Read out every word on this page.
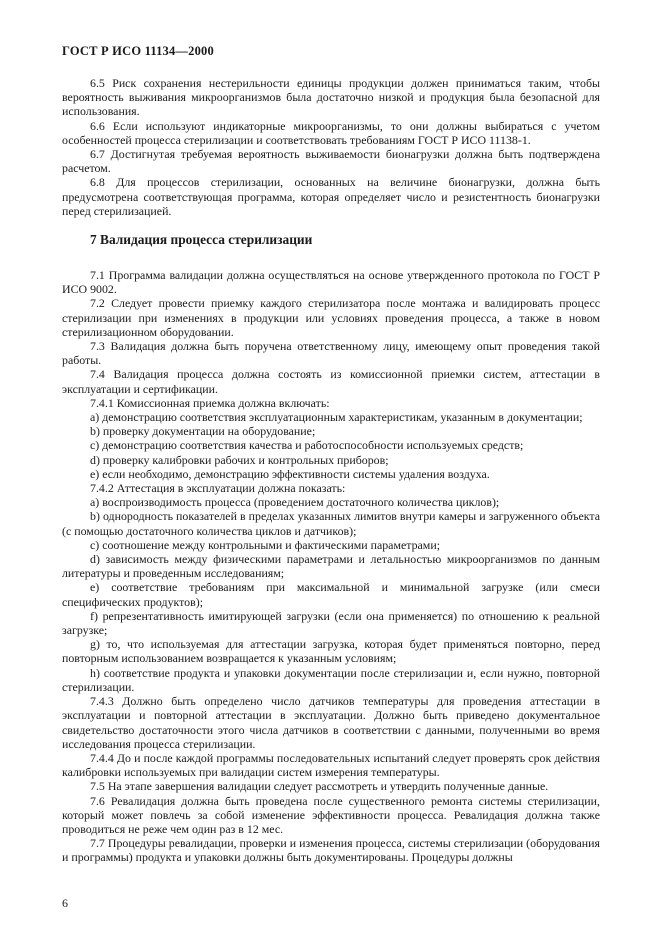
ГОСТ Р ИСО 11134—2000

6.5 Риск сохранения нестерильности единицы продукции должен приниматься таким, чтобы вероятность выживания микроорганизмов была достаточно низкой и продукция была безопасной для использования.

6.6 Если используют индикаторные микроорганизмы, то они должны выбираться с учетом особенностей процесса стерилизации и соответствовать требованиям ГОСТ Р ИСО 11138-1.

6.7 Достигнутая требуемая вероятность выживаемости бионагрузки должна быть подтверждена расчетом.

6.8 Для процессов стерилизации, основанных на величине бионагрузки, должна быть предусмотрена соответствующая программа, которая определяет число и резистентность бионагрузки перед стерилизацией.

7 Валидация процесса стерилизации

7.1 Программа валидации должна осуществляться на основе утвержденного протокола по ГОСТ Р ИСО 9002.

7.2 Следует провести приемку каждого стерилизатора после монтажа и валидировать процесс стерилизации при изменениях в продукции или условиях проведения процесса, а также в новом стерилизационном оборудовании.

7.3 Валидация должна быть поручена ответственному лицу, имеющему опыт проведения такой работы.

7.4 Валидация процесса должна состоять из комиссионной приемки систем, аттестации в эксплуатации и сертификации.

7.4.1 Комиссионная приемка должна включать:

а) демонстрацию соответствия эксплуатационным характеристикам, указанным в документации;

b) проверку документации на оборудование;

с) демонстрацию соответствия качества и работоспособности используемых средств;

d) проверку калибровки рабочих и контрольных приборов;

е) если необходимо, демонстрацию эффективности системы удаления воздуха.

7.4.2 Аттестация в эксплуатации должна показать:

а) воспроизводимость процесса (проведением достаточного количества циклов);

b) однородность показателей в пределах указанных лимитов внутри камеры и загруженного объекта (с помощью достаточного количества циклов и датчиков);

с) соотношение между контрольными и фактическими параметрами;

d) зависимость между физическими параметрами и летальностью микроорганизмов по данным литературы и проведенным исследованиям;

е) соответствие требованиям при максимальной и минимальной загрузке (или смеси специфических продуктов);

f) репрезентативность имитирующей загрузки (если она применяется) по отношению к реальной загрузке;

g) то, что используемая для аттестации загрузка, которая будет применяться повторно, перед повторным использованием возвращается к указанным условиям;

h) соответствие продукта и упаковки документации после стерилизации и, если нужно, повторной стерилизации.

7.4.3 Должно быть определено число датчиков температуры для проведения аттестации в эксплуатации и повторной аттестации в эксплуатации. Должно быть приведено документальное свидетельство достаточности этого числа датчиков в соответствии с данными, полученными во время исследования процесса стерилизации.

7.4.4 До и после каждой программы последовательных испытаний следует проверять срок действия калибровки используемых при валидации систем измерения температуры.

7.5 На этапе завершения валидации следует рассмотреть и утвердить полученные данные.

7.6 Ревалидация должна быть проведена после существенного ремонта системы стерилизации, который может повлечь за собой изменение эффективности процесса. Ревалидация должна также проводиться не реже чем один раз в 12 мес.

7.7 Процедуры ревалидации, проверки и изменения процесса, системы стерилизации (оборудования и программы) продукта и упаковки должны быть документированы. Процедуры должны

6
